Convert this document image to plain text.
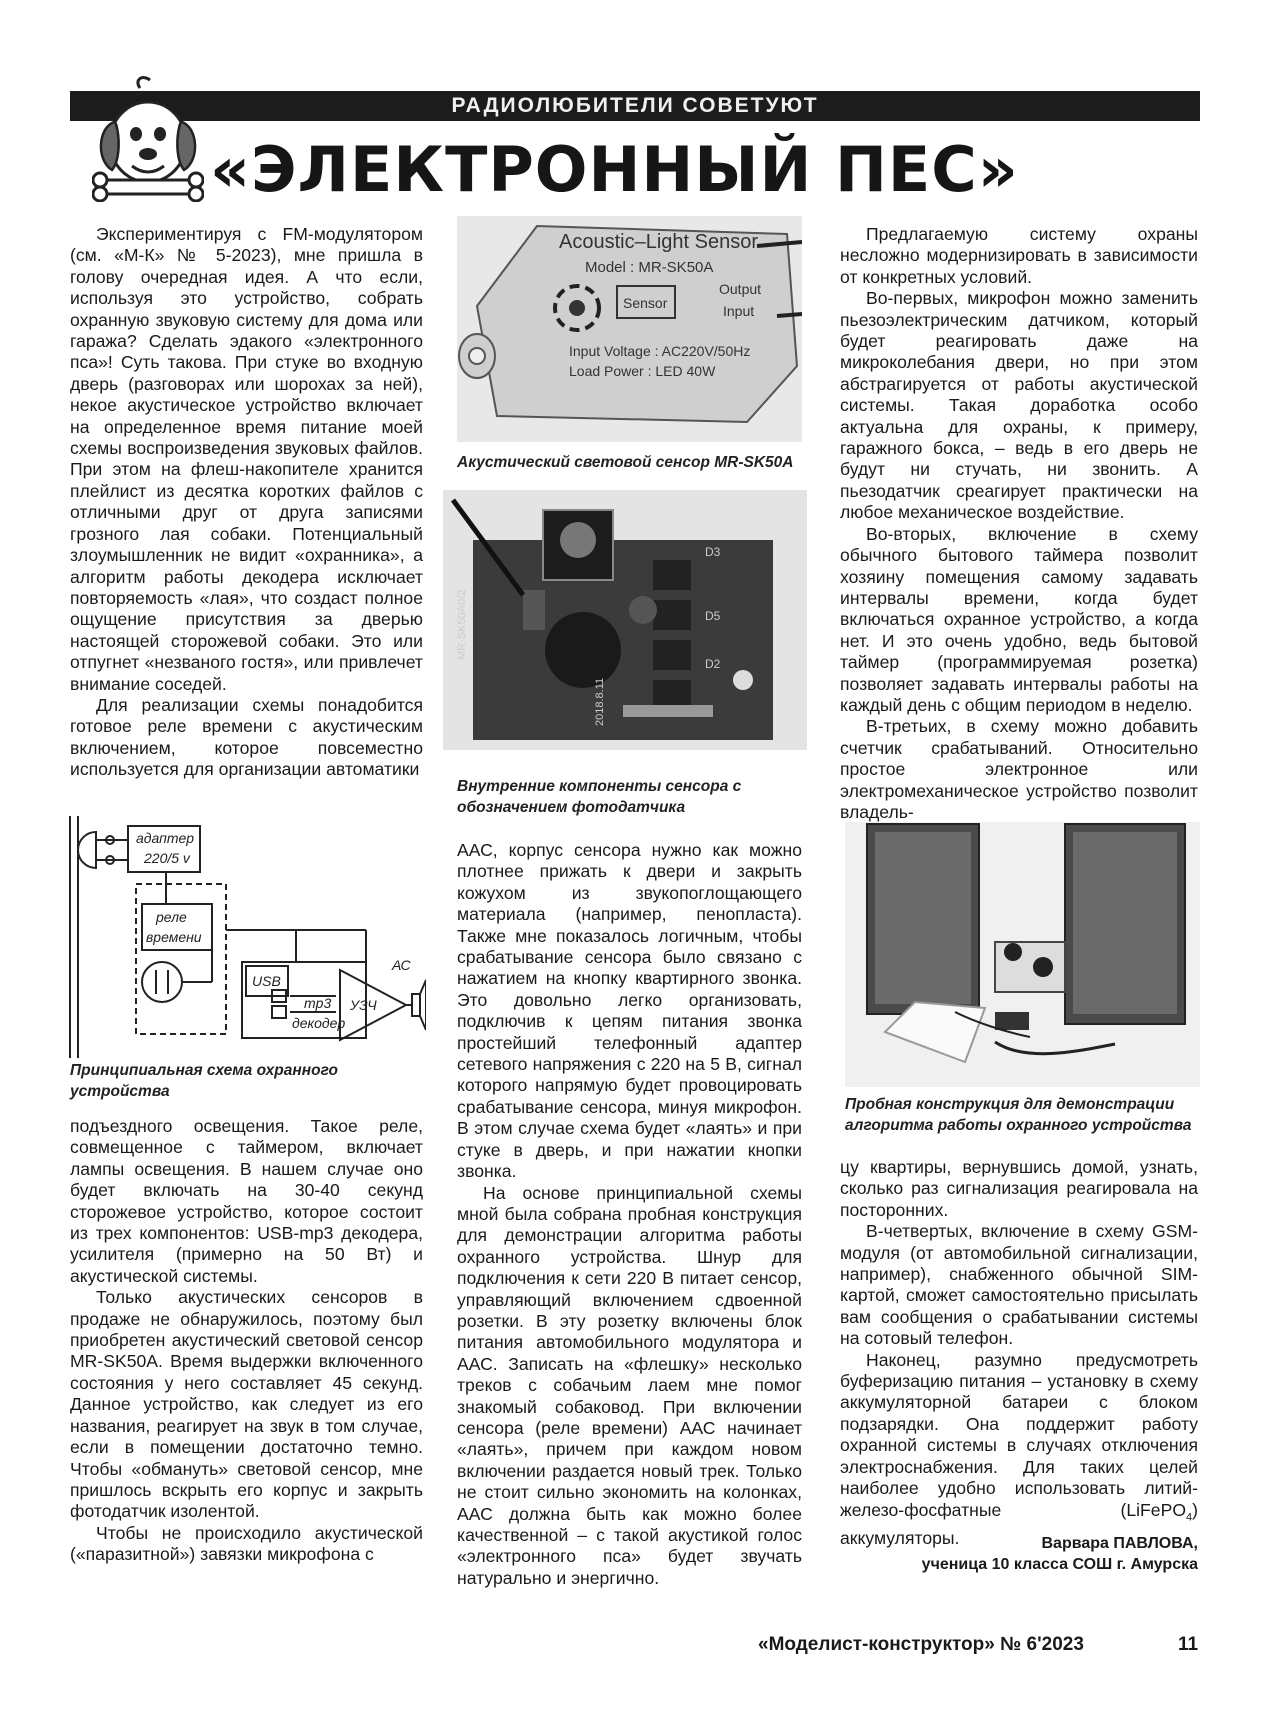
РАДИОЛЮБИТЕЛИ СОВЕТУЮТ
«ЭЛЕКТРОННЫЙ ПЕС»

Экспериментируя с FM-модулятором (см. «М-К» № 5-2023), мне пришла в голову очередная идея. А что если, используя это устройство, собрать охранную звуковую систему для дома или гаража? Сделать эдакого «электронного пса»! Суть такова. При стуке во входную дверь (разговорах или шорохах за ней), некое акустическое устройство включает на определенное время питание моей схемы воспроизведения звуковых файлов. При этом на флеш-накопителе хранится плейлист из десятка коротких файлов с отличными друг от друга записями грозного лая собаки. Потенциальный злоумышленник не видит «охранника», а алгоритм работы декодера исключает повторяемость «лая», что создаст полное ощущение присутствия за дверью настоящей сторожевой собаки. Это или отпугнет «незваного гостя», или привлечет внимание соседей.

Для реализации схемы понадобится готовое реле времени с акустическим включением, которое повсеместно используется для организации автоматики

адаптер
220/5 v
реле
времени
USB
mp3
декодер
УЗЧ
АС
Принципиальная схема охранного устройства

подъездного освещения. Такое реле, совмещенное с таймером, включает лампы освещения. В нашем случае оно будет включать на 30-40 секунд сторожевое устройство, которое состоит из трех компонентов: USB-mp3 декодера, усилителя (примерно на 50 Вт) и акустической системы.

Только акустических сенсоров в продаже не обнаружилось, поэтому был приобретен акустический световой сенсор MR-SK50A. Время выдержки включенного состояния у него составляет 45 секунд. Данное устройство, как следует из его названия, реагирует на звук в том случае, если в помещении достаточно темно. Чтобы «обмануть» световой сенсор, мне пришлось вскрыть его корпус и закрыть фотодатчик изолентой.

Чтобы не происходило акустической («паразитной») завязки микрофона с

Acoustic–Light Sensor
Model : MR-SK50A
Sensor
Output
Input
Input Voltage : AC220V/50Hz
Load Power : LED 40W
Акустический световой сенсор MR-SK50A
D3
D5
D2
MR-SK50A0/2
2018.8.11
Внутренние компоненты сенсора с обозначением фотодатчика

ААС, корпус сенсора нужно как можно плотнее прижать к двери и закрыть кожухом из звукопоглощающего материала (например, пенопласта). Также мне показалось логичным, чтобы срабатывание сенсора было связано с нажатием на кнопку квартирного звонка. Это довольно легко организовать, подключив к цепям питания звонка простейший телефонный адаптер сетевого напряжения с 220 на 5 В, сигнал которого напрямую будет провоцировать срабатывание сенсора, минуя микрофон. В этом случае схема будет «лаять» и при стуке в дверь, и при нажатии кнопки звонка.

На основе принципиальной схемы мной была собрана пробная конструкция для демонстрации алгоритма работы охранного устройства. Шнур для подключения к сети 220 В питает сенсор, управляющий включением сдвоенной розетки. В эту розетку включены блок питания автомобильного модулятора и ААС. Записать на «флешку» несколько треков с собачьим лаем мне помог знакомый собаковод. При включении сенсора (реле времени) ААС начинает «лаять», причем при каждом новом включении раздается новый трек. Только не стоит сильно экономить на колонках, ААС должна быть как можно более качественной – с такой акустикой голос «электронного пса» будет звучать натурально и энергично.

Предлагаемую систему охраны несложно модернизировать в зависимости от конкретных условий.

Во-первых, микрофон можно заменить пьезоэлектрическим датчиком, который будет реагировать даже на микроколебания двери, но при этом абстрагируется от работы акустической системы. Такая доработка особо актуальна для охраны, к примеру, гаражного бокса, – ведь в его дверь не будут ни стучать, ни звонить. А пьезодатчик среагирует практически на любое механическое воздействие.

Во-вторых, включение в схему обычного бытового таймера позволит хозяину помещения самому задавать интервалы времени, когда будет включаться охранное устройство, а когда нет. И это очень удобно, ведь бытовой таймер (программируемая розетка) позволяет задавать интервалы работы на каждый день с общим периодом в неделю.

В-третьих, в схему можно добавить счетчик срабатываний. Относительно простое электронное или электромеханическое устройство позволит владель-

Пробная конструкция для демонстрации алгоритма работы охранного устройства

цу квартиры, вернувшись домой, узнать, сколько раз сигнализация реагировала на посторонних.

В-четвертых, включение в схему GSM-модуля (от автомобильной сигнализации, например), снабженного обычной SIM-картой, сможет самостоятельно присылать вам сообщения о срабатывании системы на сотовый телефон.

Наконец, разумно предусмотреть буферизацию питания – установку в схему аккумуляторной батареи с блоком подзарядки. Она поддержит работу охранной системы в случаях отключения электроснабжения. Для таких целей наиболее удобно использовать литий-железо-фосфатные (LiFePO$_4$) аккумуляторы.	Варвара ПАВЛОВА,
ученица 10 класса СОШ г. Амурска
«Моделист-конструктор» № 6'2023	11
